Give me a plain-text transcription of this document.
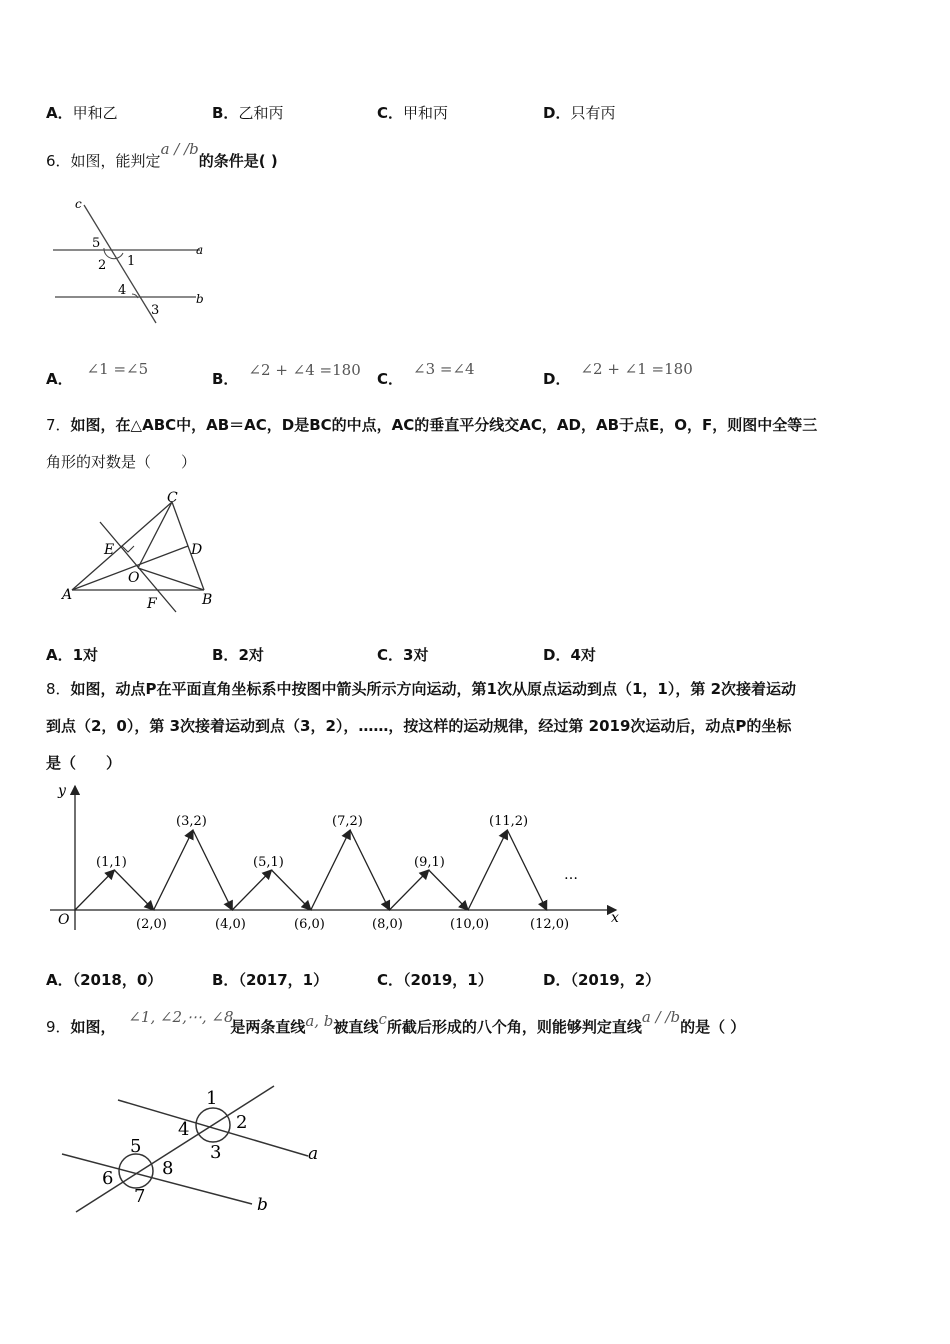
A．甲和乙	B．乙和丙	C．甲和丙	D．只有丙
6．如图，能判定a / /b的条件是( )
c
5
2 1
a
4
3
b
A．∠1 =∠5
B． ∠2 + ∠4 =180 C．∠3 =∠4
D．∠2 + ∠1 =180
7．如图，在△ABC中，AB＝AC，D是BC的中点，AC的垂直平分线交AC，AD，AB于点E，O，F，则图中全等三
角形的对数是（　　）
C
E	D
O
A
F	B
A．1对	B．2对	C．3对	D．4对
8．如图，动点P在平面直角坐标系中按图中箭头所示方向运动，第1次从原点运动到点（1，1），第 2次接着运动
到点（2，0），第 3次接着运动到点（3，2），……，按这样的运动规律，经过第 2019次运动后，动点P的坐标
是（　　）
y
x
O
…
(1,1)
(3,2)
(5,1)
(7,2)
(9,1)
(11,2)
(2,0)	(4,0)	(6,0)	(8,0)	(10,0)	(12,0)
A．（2018，0）	B．（2017，1）	C．（2019，1）	D．（2019，2）
9．如图， ∠1, ∠2,⋯, ∠8 是两条直线a, b被直线c所截后形成的八个角，则能够判定直线a / /b的是（ ）
1
4	2
3	a
5
6	8
7	b
